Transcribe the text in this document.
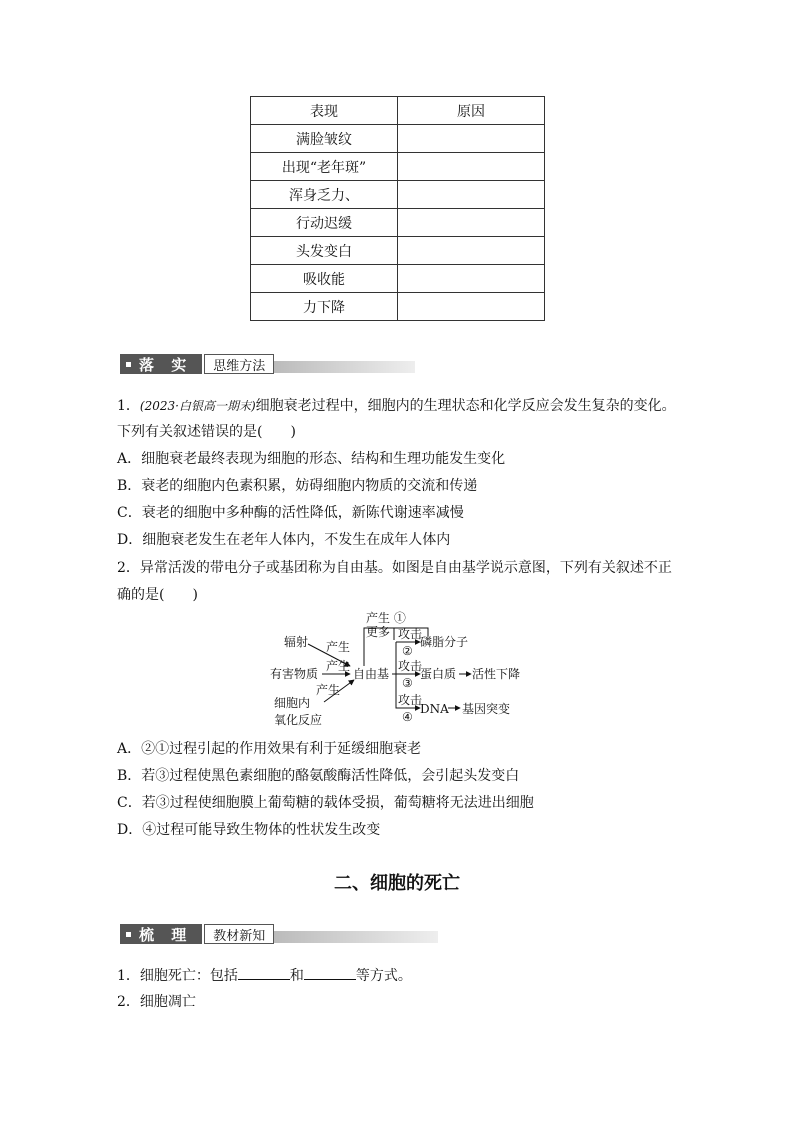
表现	原因
满脸皱纹	
出现“老年斑”	
浑身乏力、	
行动迟缓	
头发变白	
吸收能	
力下降	
落 实	思维方法
1．(2023·白银高一期末)细胞衰老过程中，细胞内的生理状态和化学反应会发生复杂的变化。
下列有关叙述错误的是(　　)
A．细胞衰老最终表现为细胞的形态、结构和生理功能发生变化
B．衰老的细胞内色素积累，妨碍细胞内物质的交流和传递
C．衰老的细胞中多种酶的活性降低，新陈代谢速率减慢
D．细胞衰老发生在老年人体内，不发生在成年人体内
2．异常活泼的带电分子或基团称为自由基。如图是自由基学说示意图，下列有关叙述不正
确的是(　　)
辐射
有害物质
细胞内
氧化反应
产生
产生
产生
自由基
产生 ①
更多 攻击
②
磷脂分子
攻击
③
蛋白质 活性下降
攻击
④
DNA 基因突变
A．②①过程引起的作用效果有利于延缓细胞衰老
B．若③过程使黑色素细胞的酪氨酸酶活性降低，会引起头发变白
C．若③过程使细胞膜上葡萄糖的载体受损，葡萄糖将无法进出细胞
D．④过程可能导致生物体的性状发生改变
二、细胞的死亡
梳 理	教材新知
1．细胞死亡：包括	和	等方式。
2．细胞凋亡
